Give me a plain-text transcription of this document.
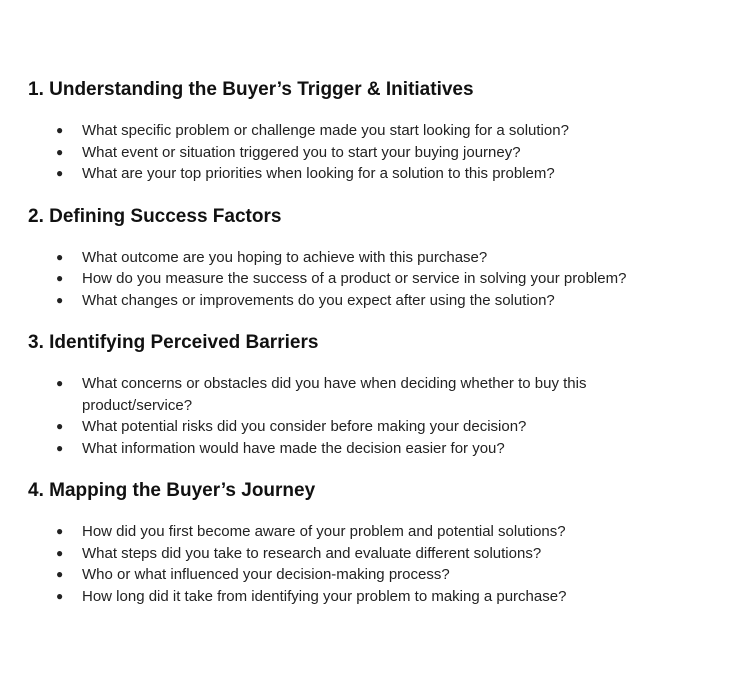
1. Understanding the Buyer’s Trigger & Initiatives
● What specific problem or challenge made you start looking for a solution?
● What event or situation triggered you to start your buying journey?
● What are your top priorities when looking for a solution to this problem?
2. Defining Success Factors
● What outcome are you hoping to achieve with this purchase?
● How do you measure the success of a product or service in solving your problem?
● What changes or improvements do you expect after using the solution?
3. Identifying Perceived Barriers
● What concerns or obstacles did you have when deciding whether to buy this product/service?
● What potential risks did you consider before making your decision?
● What information would have made the decision easier for you?
4. Mapping the Buyer’s Journey
● How did you first become aware of your problem and potential solutions?
● What steps did you take to research and evaluate different solutions?
● Who or what influenced your decision-making process?
● How long did it take from identifying your problem to making a purchase?
